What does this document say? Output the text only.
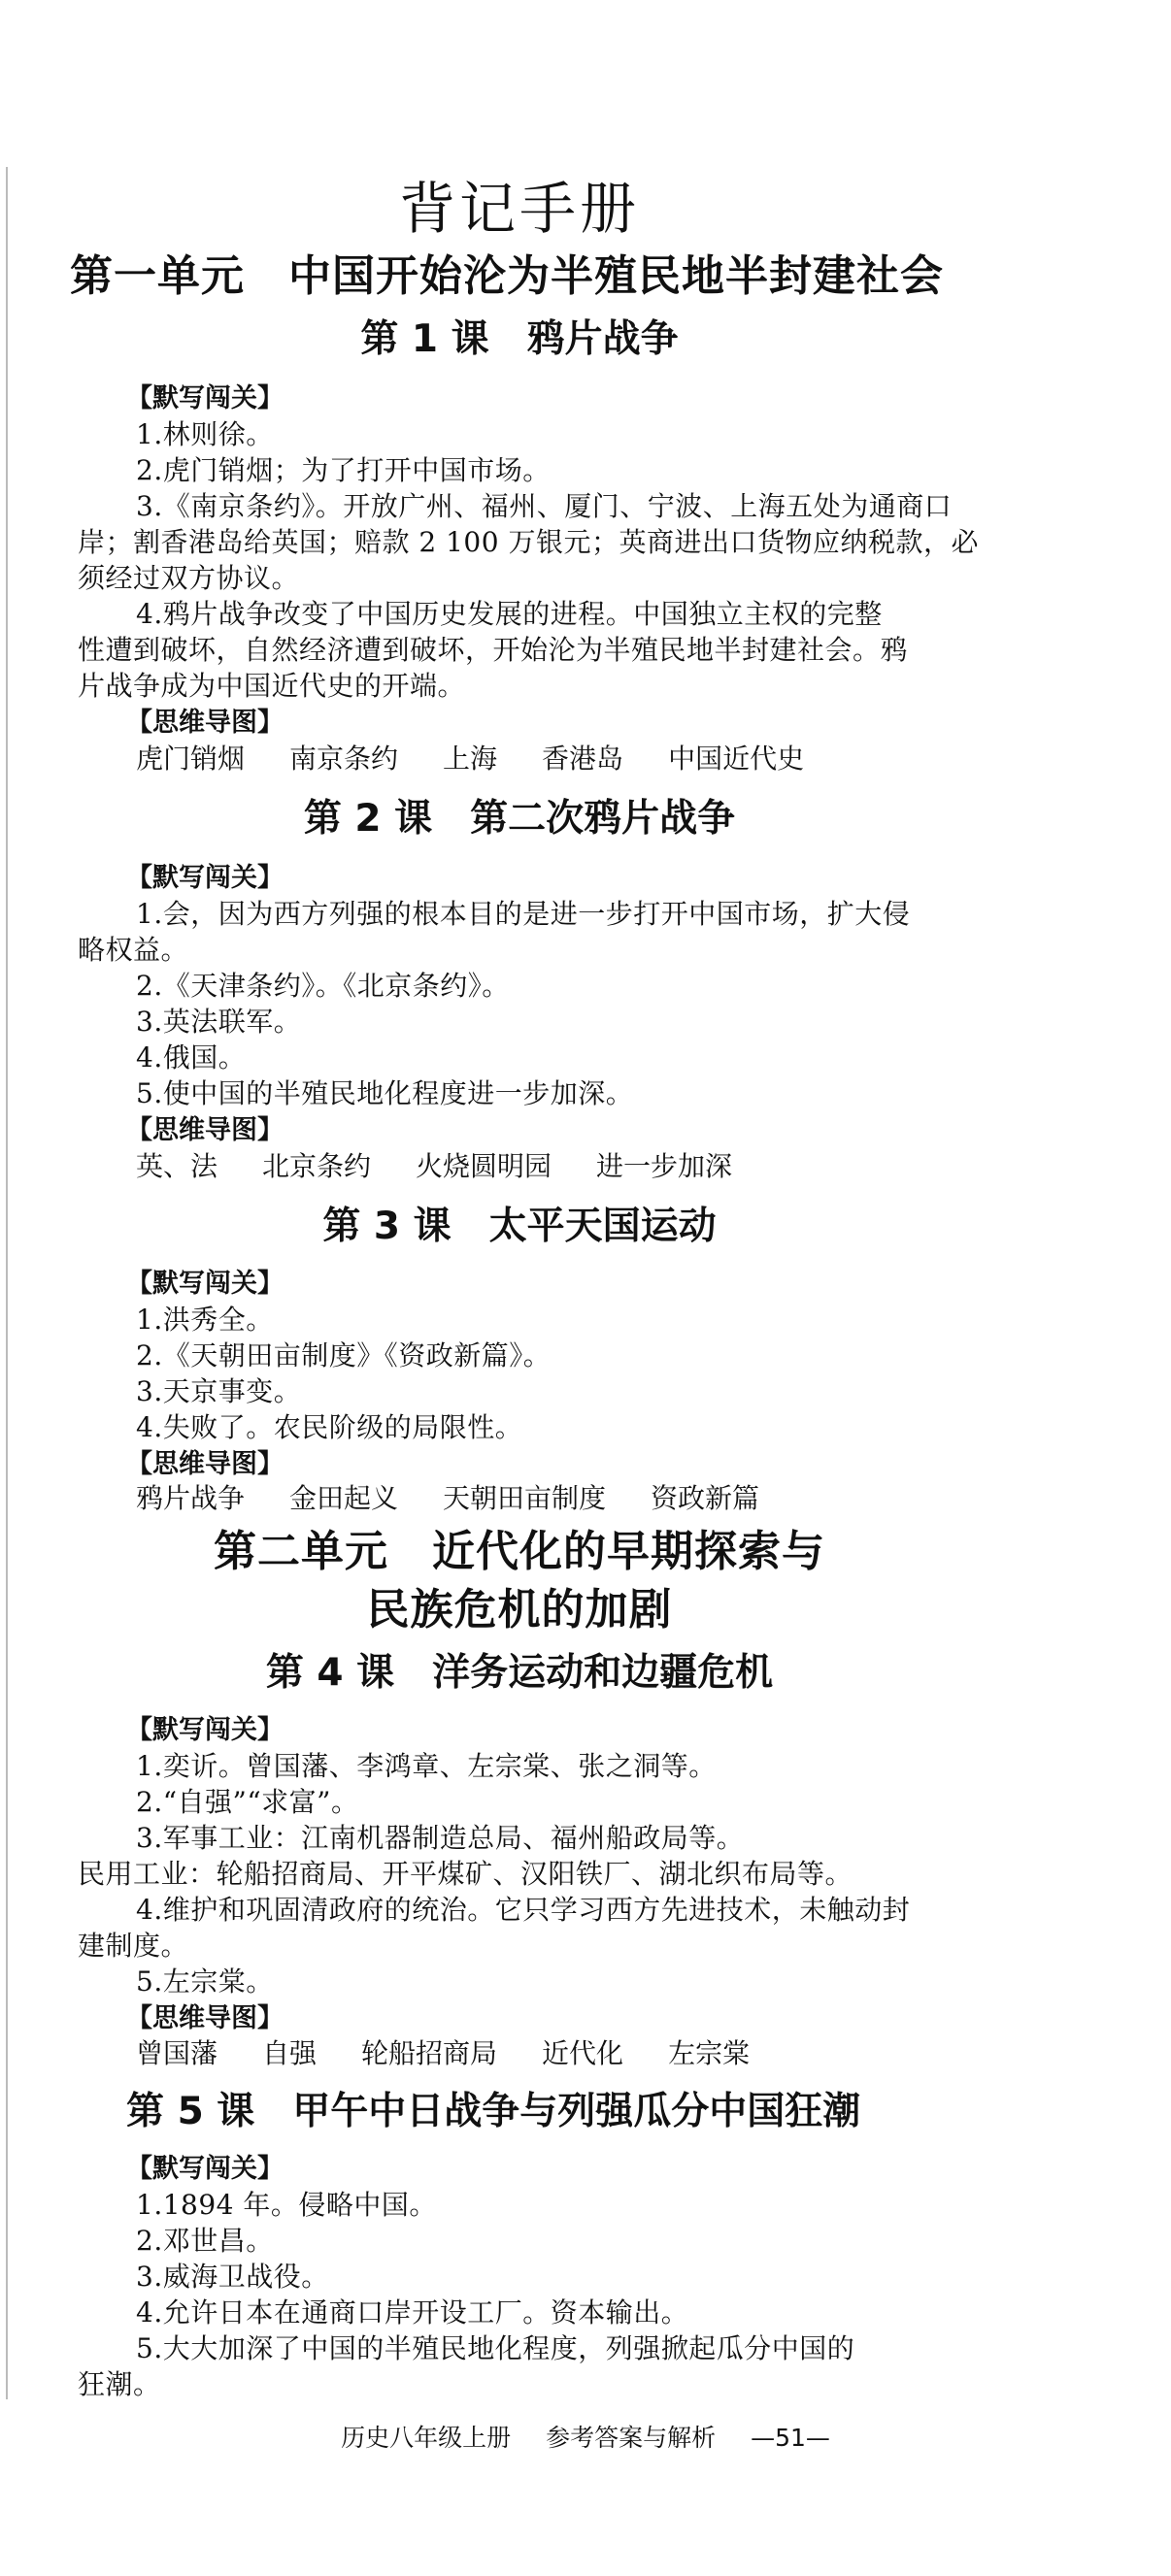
背记手册
第一单元　中国开始沦为半殖民地半封建社会
第 1 课　鸦片战争
【默写闯关】
1.林则徐。
2.虎门销烟；为了打开中国市场。
3.《南京条约》。开放广州、福州、厦门、宁波、上海五处为通商口
岸；割香港岛给英国；赔款 2 100 万银元；英商进出口货物应纳税款，必
须经过双方协议。
4.鸦片战争改变了中国历史发展的进程。中国独立主权的完整
性遭到破坏，自然经济遭到破坏，开始沦为半殖民地半封建社会。鸦
片战争成为中国近代史的开端。
【思维导图】
虎门销烟 南京条约 上海 香港岛 中国近代史
第 2 课　第二次鸦片战争
【默写闯关】
1.会，因为西方列强的根本目的是进一步打开中国市场，扩大侵
略权益。
2.《天津条约》。《北京条约》。
3.英法联军。
4.俄国。
5.使中国的半殖民地化程度进一步加深。
【思维导图】
英、法 北京条约 火烧圆明园 进一步加深
第 3 课　太平天国运动
【默写闯关】
1.洪秀全。
2.《天朝田亩制度》《资政新篇》。
3.天京事变。
4.失败了。农民阶级的局限性。
【思维导图】
鸦片战争 金田起义 天朝田亩制度 资政新篇
第二单元　近代化的早期探索与
民族危机的加剧
第 4 课　洋务运动和边疆危机
【默写闯关】
1.奕䜣。曾国藩、李鸿章、左宗棠、张之洞等。
2.“自强”“求富”。
3.军事工业：江南机器制造总局、福州船政局等。
民用工业：轮船招商局、开平煤矿、汉阳铁厂、湖北织布局等。
4.维护和巩固清政府的统治。它只学习西方先进技术，未触动封
建制度。
5.左宗棠。
【思维导图】
曾国藩 自强 轮船招商局 近代化 左宗棠
第 5 课　甲午中日战争与列强瓜分中国狂潮
【默写闯关】
1.1894 年。侵略中国。
2.邓世昌。
3.威海卫战役。
4.允许日本在通商口岸开设工厂。资本输出。
5.大大加深了中国的半殖民地化程度，列强掀起瓜分中国的
狂潮。
历史八年级上册 参考答案与解析 —51—
